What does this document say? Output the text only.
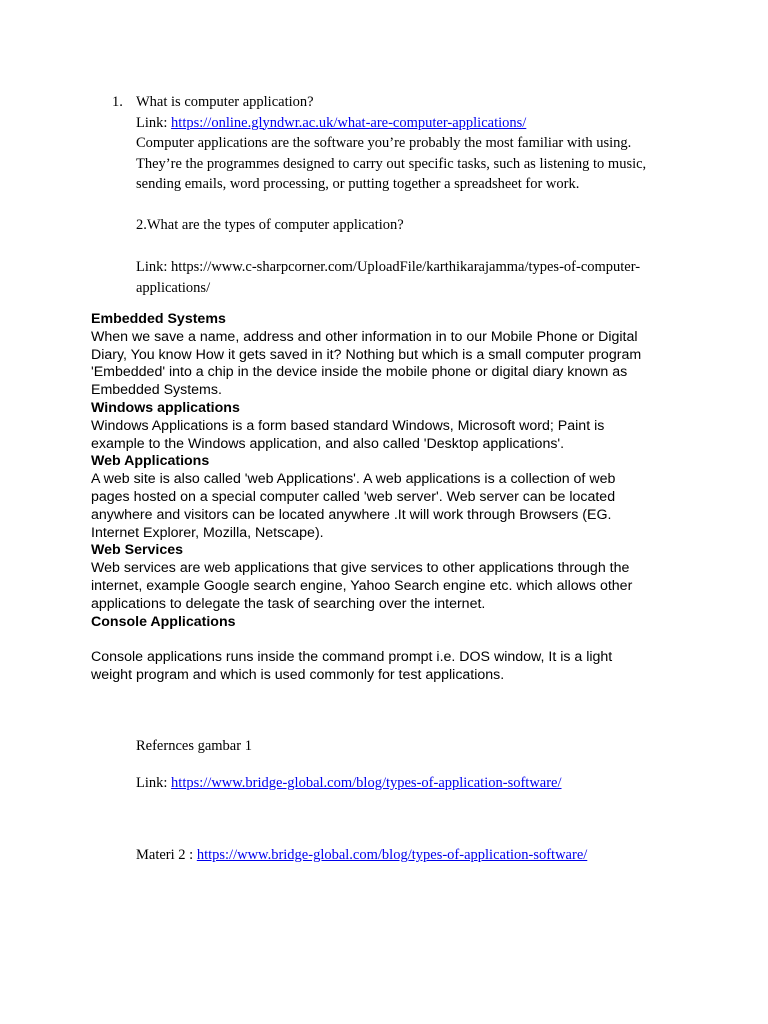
1. What is computer application?
Link: https://online.glyndwr.ac.uk/what-are-computer-applications/
Computer applications are the software you’re probably the most familiar with using.
They’re the programmes designed to carry out specific tasks, such as listening to music,
sending emails, word processing, or putting together a spreadsheet for work.
2.What are the types of computer application?
Link: https://www.c-sharpcorner.com/UploadFile/karthikarajamma/types-of-computer-
applications/
Embedded Systems
When we save a name, address and other information in to our Mobile Phone or Digital
Diary, You know How it gets saved in it? Nothing but which is a small computer program
'Embedded' into a chip in the device inside the mobile phone or digital diary known as
Embedded Systems.
Windows applications
Windows Applications is a form based standard Windows, Microsoft word; Paint is
example to the Windows application, and also called 'Desktop applications'.
Web Applications
A web site is also called 'web Applications'. A web applications is a collection of web
pages hosted on a special computer called 'web server'. Web server can be located
anywhere and visitors can be located anywhere .It will work through Browsers (EG.
Internet Explorer, Mozilla, Netscape).
Web Services
Web services are web applications that give services to other applications through the
internet, example Google search engine, Yahoo Search engine etc. which allows other
applications to delegate the task of searching over the internet.
Console Applications
Console applications runs inside the command prompt i.e. DOS window, It is a light
weight program and which is used commonly for test applications.
Refernces gambar 1
Link: https://www.bridge-global.com/blog/types-of-application-software/
Materi 2 : https://www.bridge-global.com/blog/types-of-application-software/
